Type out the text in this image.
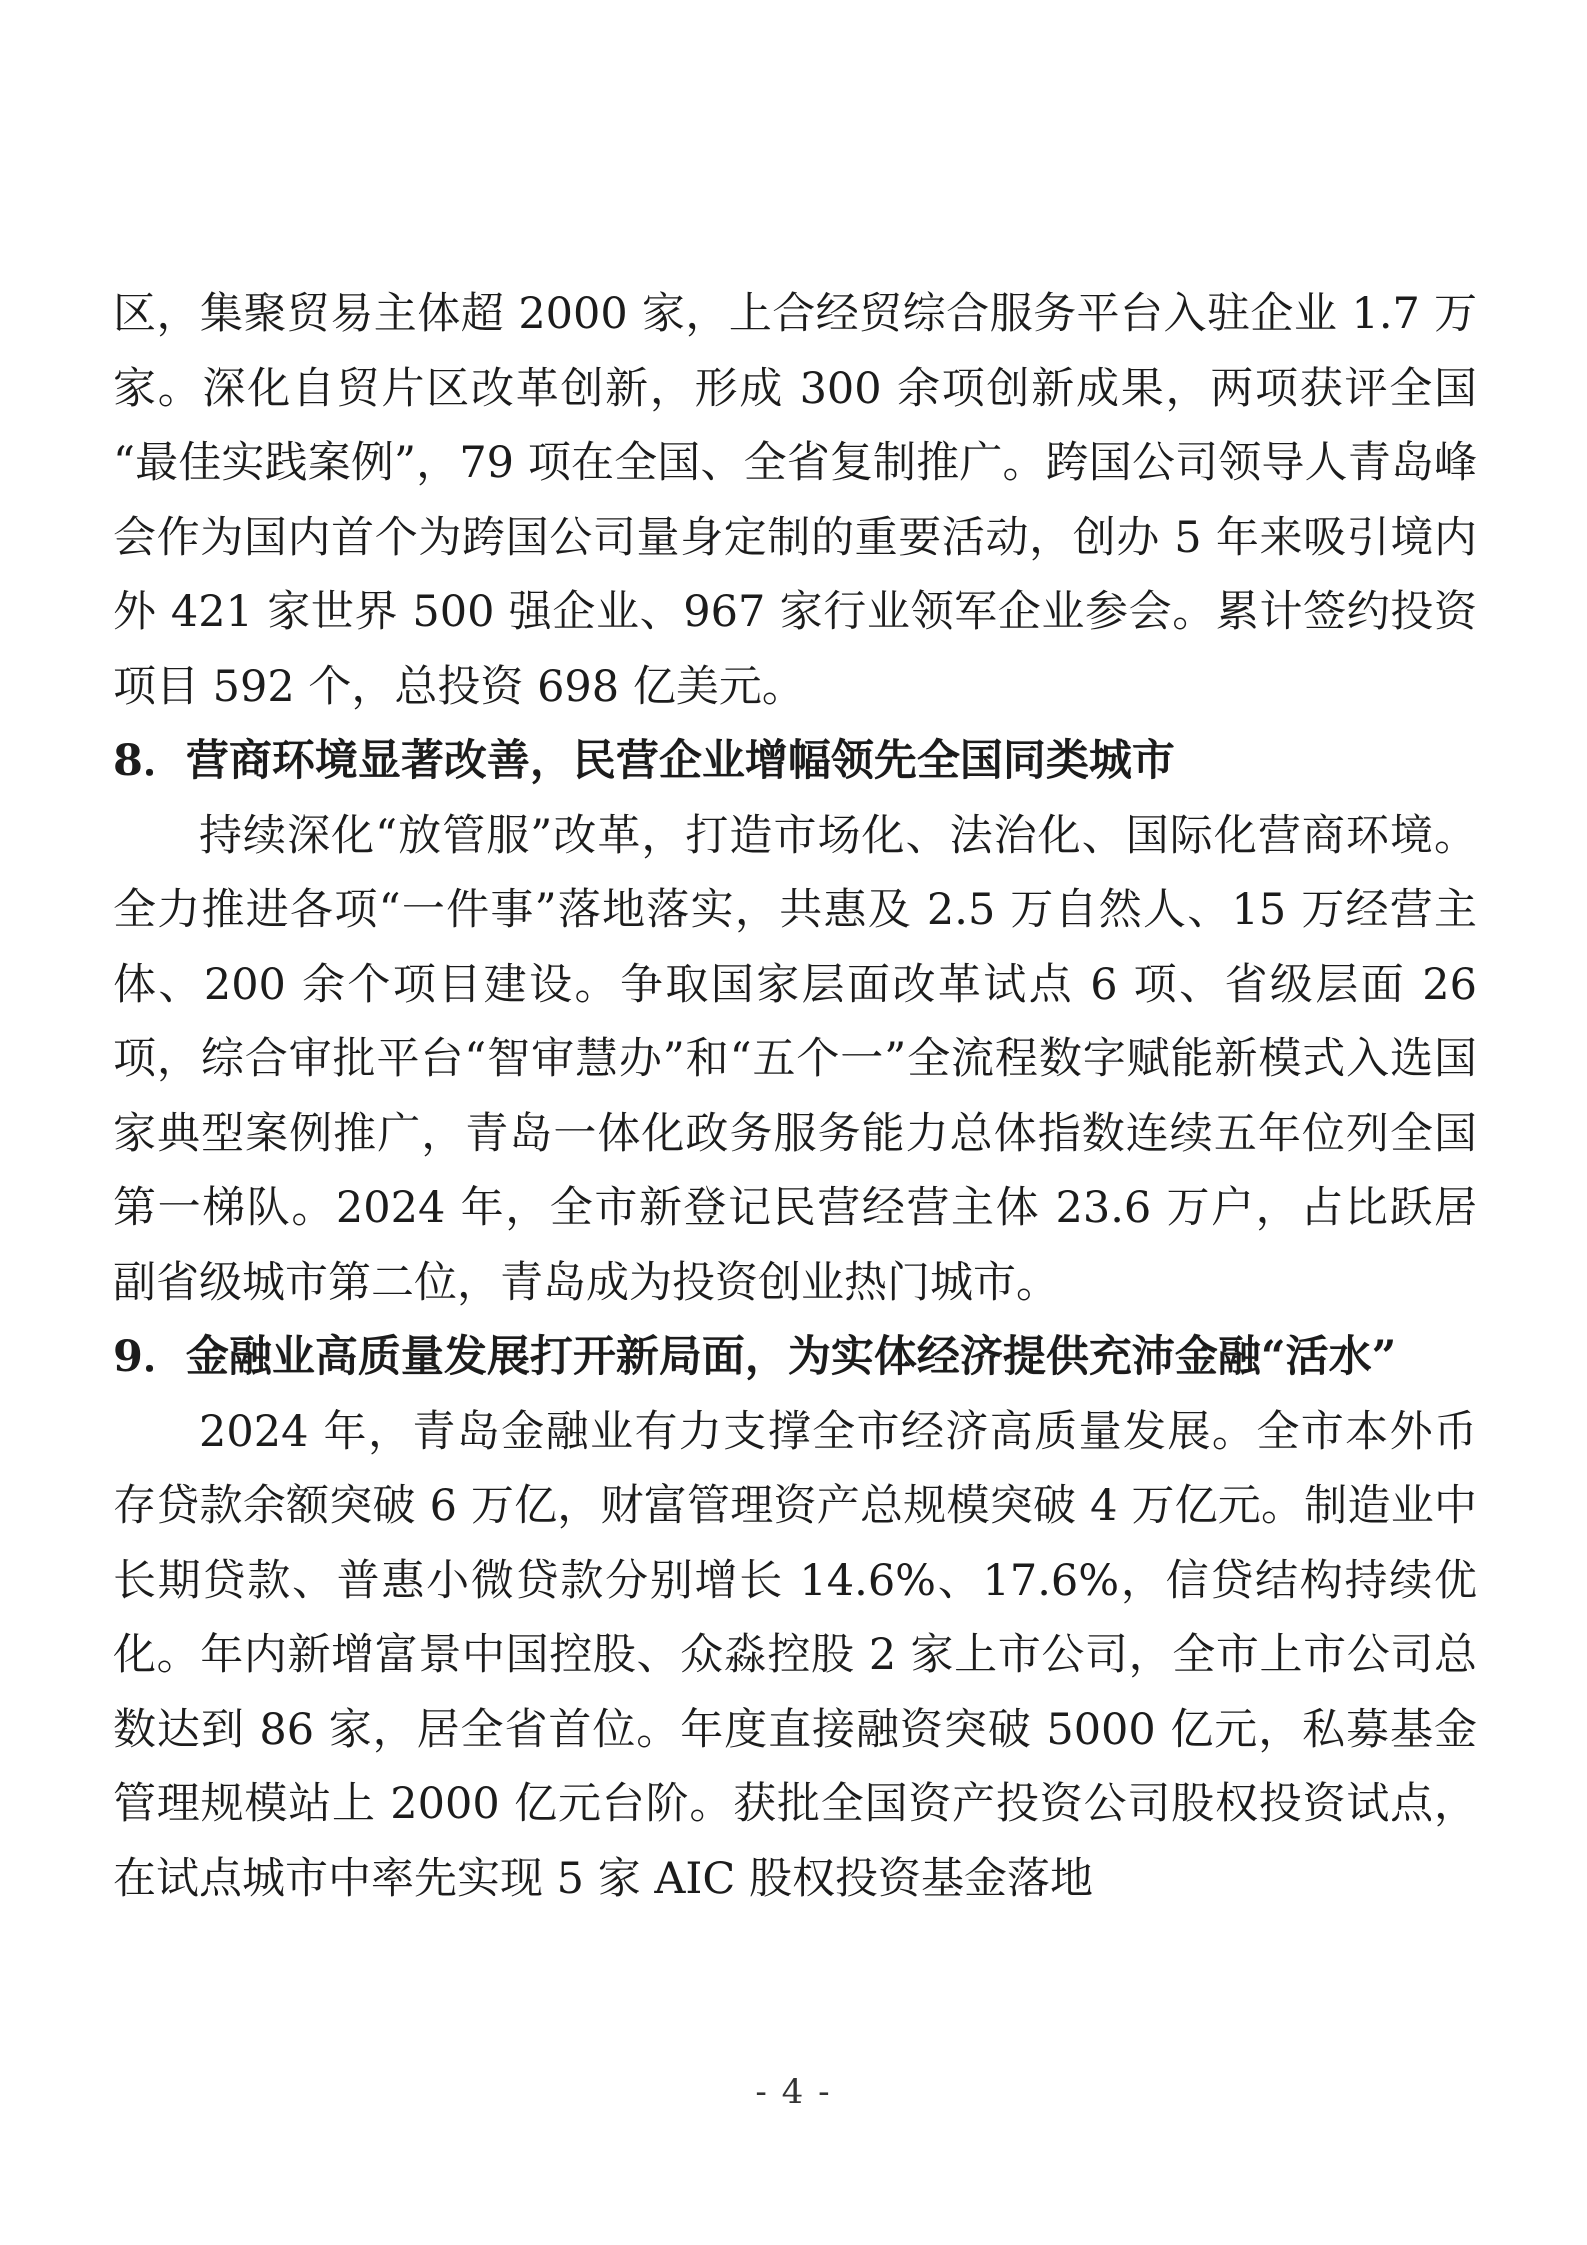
区，集聚贸易主体超 2000 家，上合经贸综合服务平台入驻企业 1.7 万家。深化自贸片区改革创新，形成 300 余项创新成果，两项获评全国“最佳实践案例”，79 项在全国、全省复制推广。跨国公司领导人青岛峰会作为国内首个为跨国公司量身定制的重要活动，创办 5 年来吸引境内外 421 家世界 500 强企业、967 家行业领军企业参会。累计签约投资项目 592 个，总投资 698 亿美元。

8．营商环境显著改善，民营企业增幅领先全国同类城市

持续深化“放管服”改革，打造市场化、法治化、国际化营商环境。全力推进各项“一件事”落地落实，共惠及 2.5 万自然人、15 万经营主体、200 余个项目建设。争取国家层面改革试点 6 项、省级层面 26 项，综合审批平台“智审慧办”和“五个一”全流程数字赋能新模式入选国家典型案例推广，青岛一体化政务服务能力总体指数连续五年位列全国第一梯队。2024 年，全市新登记民营经营主体 23.6 万户，占比跃居副省级城市第二位，青岛成为投资创业热门城市。

9．金融业高质量发展打开新局面，为实体经济提供充沛金融“活水”

2024 年，青岛金融业有力支撑全市经济高质量发展。全市本外币存贷款余额突破 6 万亿，财富管理资产总规模突破 4 万亿元。制造业中长期贷款、普惠小微贷款分别增长 14.6%、17.6%，信贷结构持续优化。年内新增富景中国控股、众淼控股 2 家上市公司，全市上市公司总数达到 86 家，居全省首位。年度直接融资突破 5000 亿元，私募基金管理规模站上 2000 亿元台阶。获批全国资产投资公司股权投资试点，在试点城市中率先实现 5 家 AIC 股权投资基金落地

- 4 -
